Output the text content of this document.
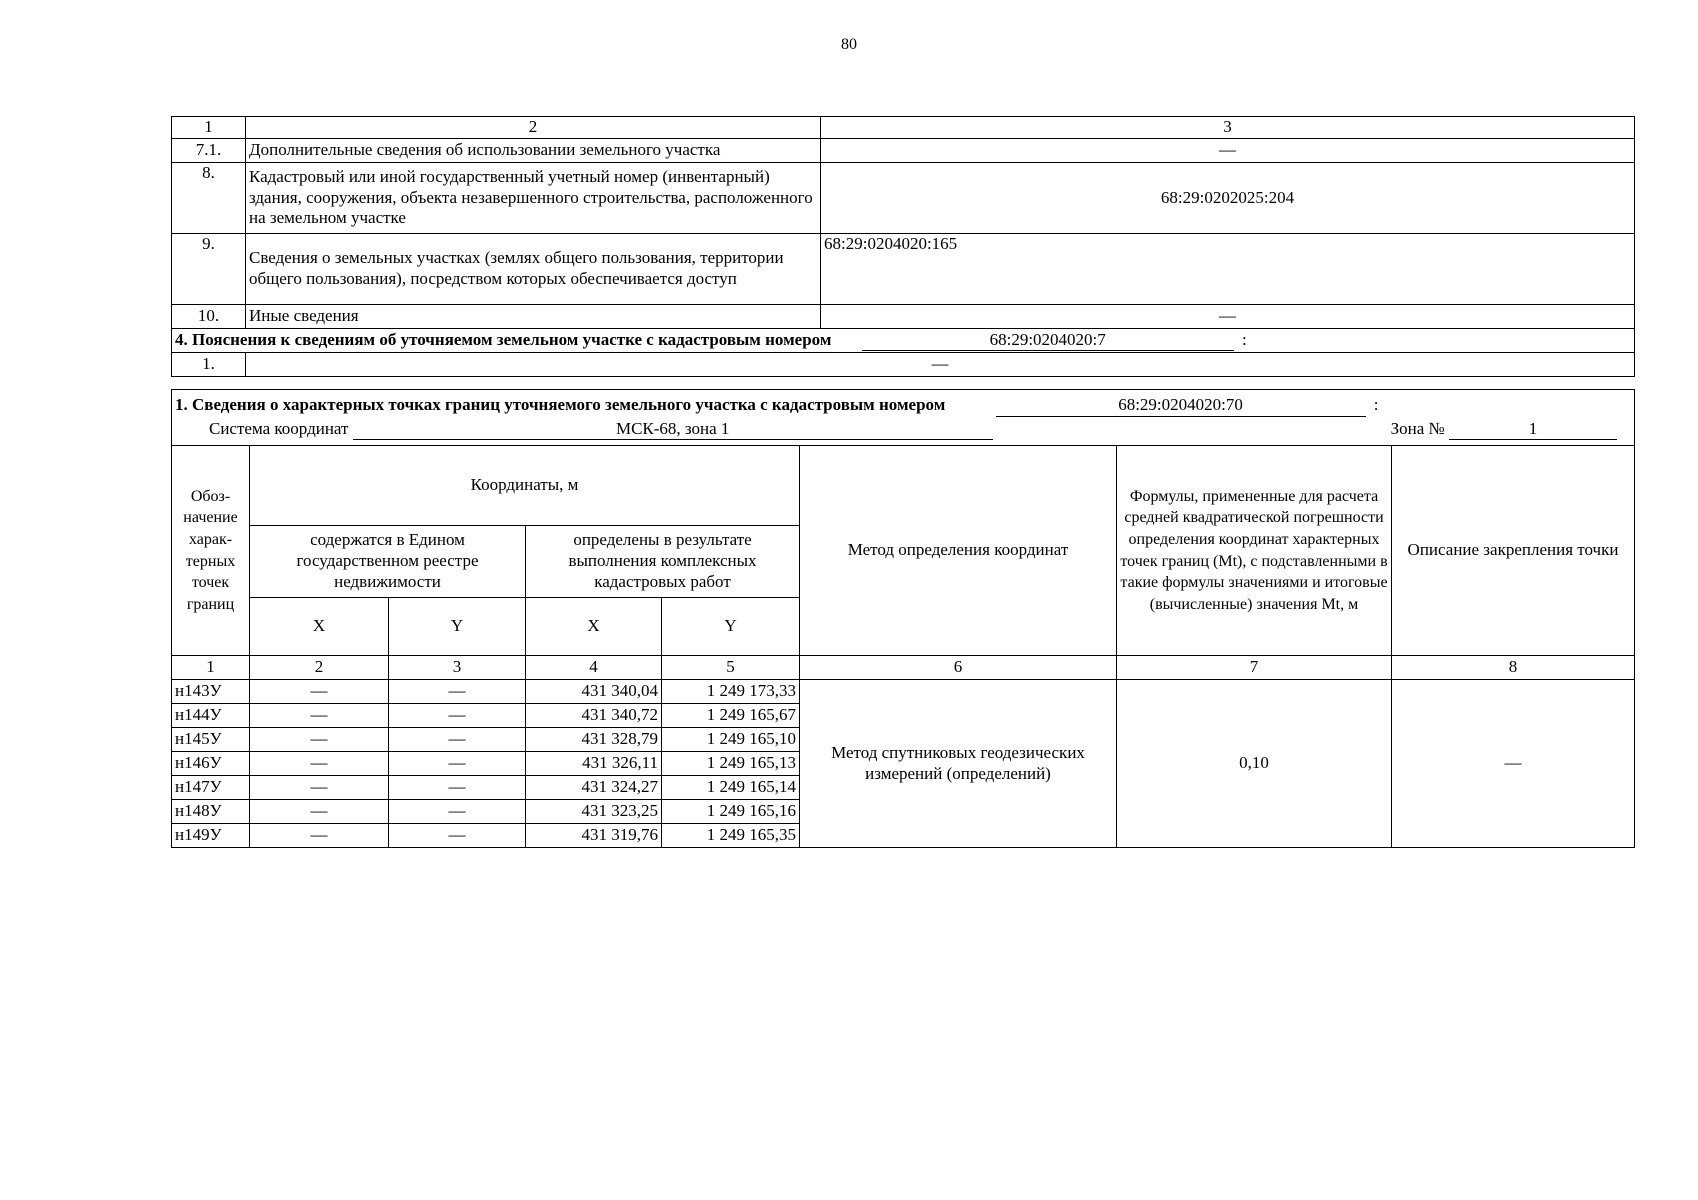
80
1	2	3
7.1.	Дополнительные сведения об использовании земельного участка	—
8.	Кадастровый или иной государственный учетный номер (инвентарный) здания, сооружения, объекта незавершенного строительства, расположенного на земельном участке	68:29:0202025:204
9.	Сведения о земельных участках (землях общего пользования, территории общего пользования), посредством которых обеспечивается доступ	68:29:0204020:165
10.	Иные сведения	—
4. Пояснения к сведениям об уточняемом земельном участке с кадастровым номером 68:29:0204020:7 :		
1.	—	
1. Сведения о характерных точках границ уточняемого земельного участка с кадастровым номером 68:29:0204020:70 :
Система координат МСК-68, зона 1 Зона № 1							

Обоз-начение харак-терных точек границ	Координаты, м				Метод определения координат	Формулы, примененные для расчета средней квадратической погрешности определения координат характерных точек границ (Mt), с подставленными в такие формулы значениями и итоговые (вычисленные) значения Mt, м	Описание закрепления точки
	содержатся в Едином государственном реестре недвижимости		определены в результате выполнения комплексных кадастровых работ				
	X	Y	X	Y			
1	2	3	4	5	6	7	8
н143У	—	—	431 340,04	1 249 173,33	Метод спутниковых геодезических измерений (определений)	0,10	—
н144У	—	—	431 340,72	1 249 165,67			
н145У	—	—	431 328,79	1 249 165,10			
н146У	—	—	431 326,11	1 249 165,13			
н147У	—	—	431 324,27	1 249 165,14			
н148У	—	—	431 323,25	1 249 165,16			
н149У	—	—	431 319,76	1 249 165,35			
